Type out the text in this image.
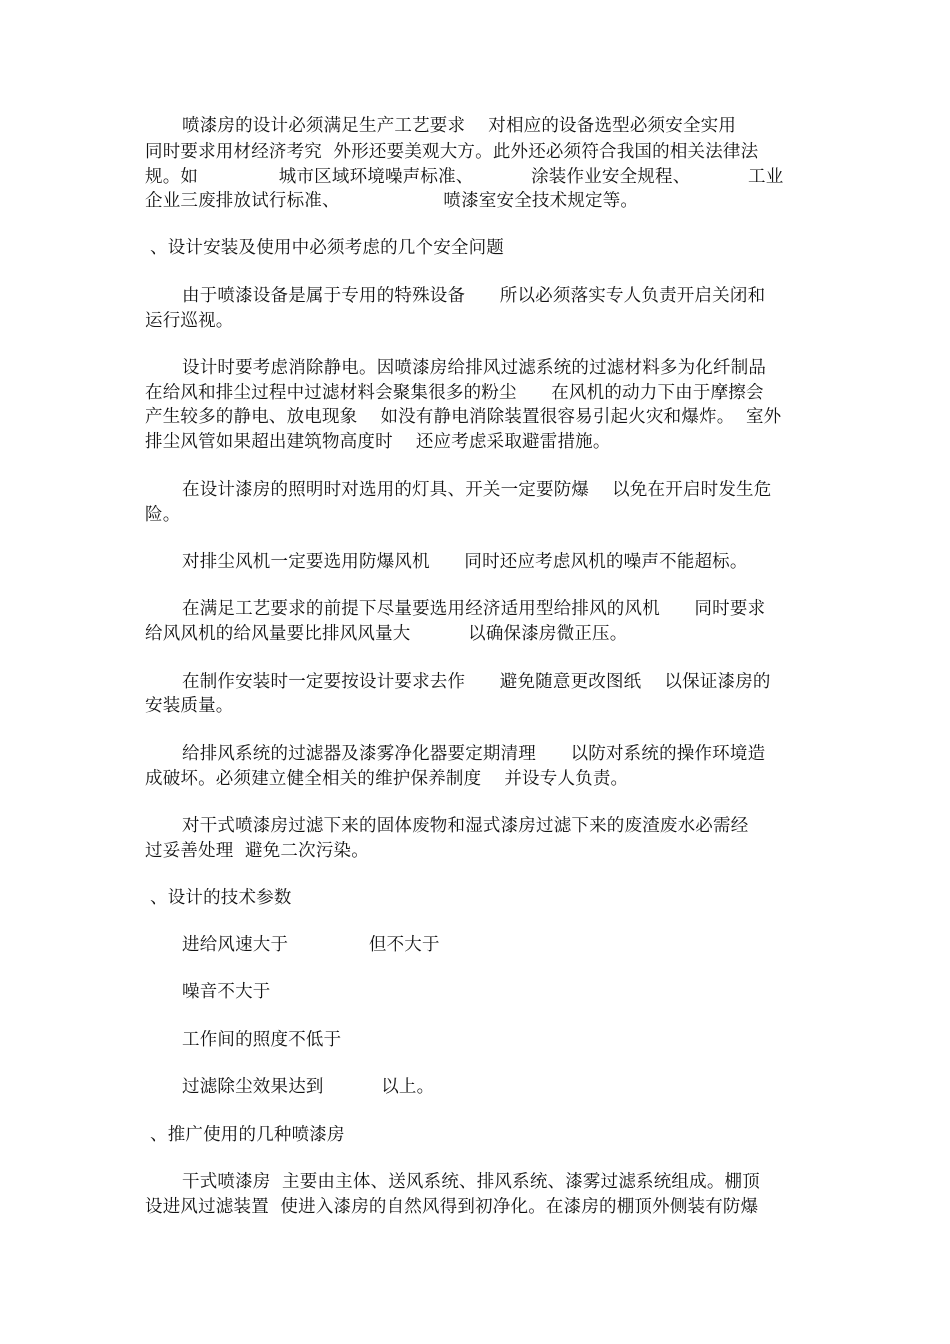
喷漆房的设计必须满足生产工艺要求    对相应的设备选型必须安全实用
同时要求用材经济考究  外形还要美观大方。此外还必须符合我国的相关法律法
规。如              城市区域环境噪声标准、          涂装作业安全规程、          工业
企业三废排放试行标准、                  喷漆室安全技术规定等。
、设计安装及使用中必须考虑的几个安全问题
由于喷漆设备是属于专用的特殊设备      所以必须落实专人负责开启关闭和
运行巡视。
设计时要考虑消除静电。因喷漆房给排风过滤系统的过滤材料多为化纤制品
在给风和排尘过程中过滤材料会聚集很多的粉尘      在风机的动力下由于摩擦会
产生较多的静电、放电现象    如没有静电消除装置很容易引起火灾和爆炸。  室外
排尘风管如果超出建筑物高度时    还应考虑采取避雷措施。
在设计漆房的照明时对选用的灯具、开关一定要防爆    以免在开启时发生危
险。
对排尘风机一定要选用防爆风机      同时还应考虑风机的噪声不能超标。
在满足工艺要求的前提下尽量要选用经济适用型给排风的风机      同时要求
给风风机的给风量要比排风风量大          以确保漆房微正压。
在制作安装时一定要按设计要求去作      避免随意更改图纸    以保证漆房的
安装质量。
给排风系统的过滤器及漆雾净化器要定期清理      以防对系统的操作环境造
成破坏。必须建立健全相关的维护保养制度    并设专人负责。
对干式喷漆房过滤下来的固体废物和湿式漆房过滤下来的废渣废水必需经
过妥善处理  避免二次污染。
、设计的技术参数
进给风速大于              但不大于
噪音不大于
工作间的照度不低于
过滤除尘效果达到          以上。
、推广使用的几种喷漆房
干式喷漆房  主要由主体、送风系统、排风系统、漆雾过滤系统组成。棚顶
设进风过滤装置  使进入漆房的自然风得到初净化。在漆房的棚顶外侧装有防爆
